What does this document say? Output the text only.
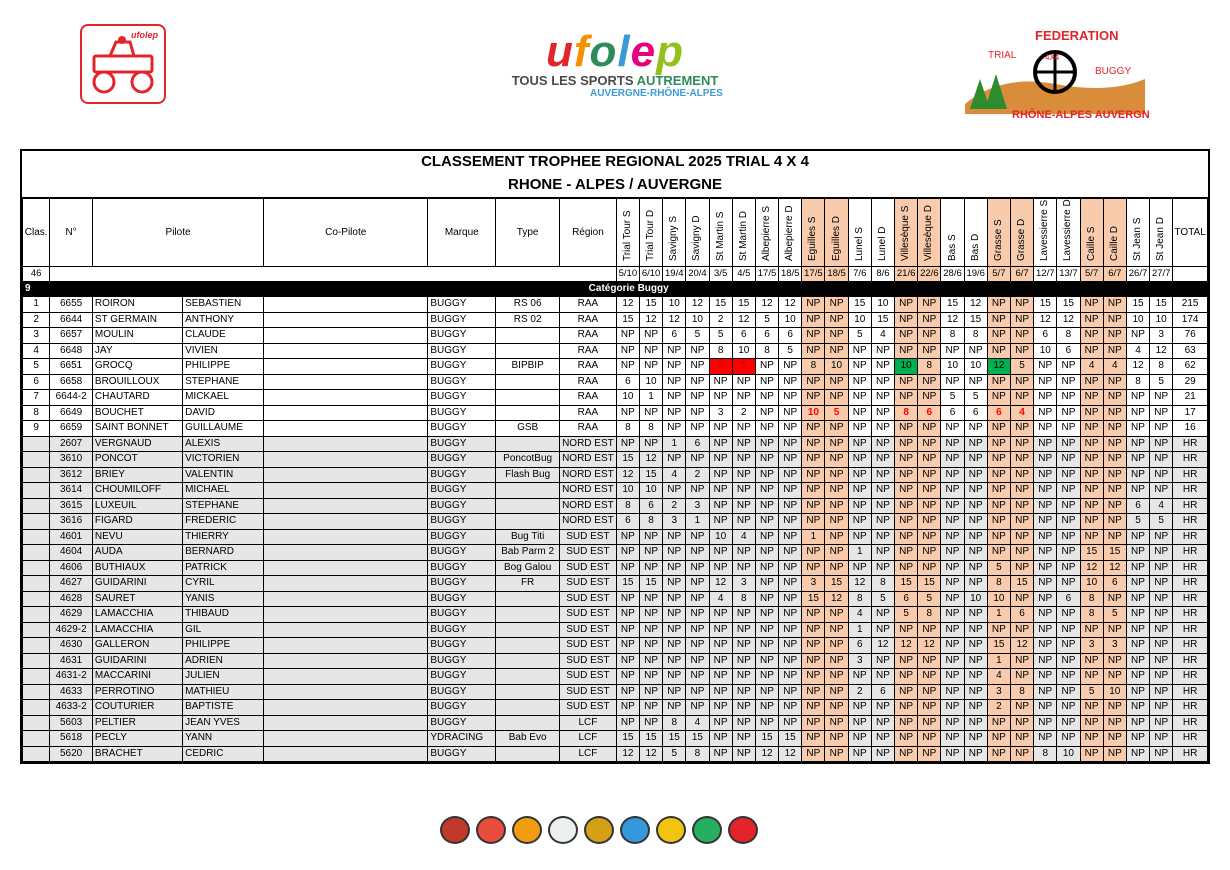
ufolep	ufolep
TOUS LES SPORTS AUTREMENT
AUVERGNE-RHÔNE-ALPES
FEDERATION
TRIAL	4X4
BUGGY
RHÔNE-ALPES AUVERGNE
CLASSEMENT TROPHEE REGIONAL 2025 TRIAL 4 X 4
RHONE - ALPES / AUVERGNE
Clas.	N°	Pilote		Co-Pilote	Marque	Type	Région	Trial Tour S	Trial Tour D	Savigny S	Savigny D	St Martin S	St Martin D	Albepierre S	Albepierre D	Eguilles S	Eguilles D	Lunel S	Lunel D	Villesèque S	Villesèque D	Bas S	Bas D	Grasse S	Grasse D	Lavessierre S	Lavessierre D	Caille S	Caille D	St Jean S	St Jean D	TOTAL
46								5/10	6/10	19/4	20/4	3/5	4/5	17/5	18/5	17/5	18/5	7/6	8/6	21/6	22/6	28/6	19/6	5/7	6/7	12/7	13/7	5/7	6/7	26/7	27/7	
9	Catégorie Buggy																															
1	6655	ROIRON	SEBASTIEN		BUGGY	RS 06	RAA	12	15	10	12	15	15	12	12	NP	NP	15	10	NP	NP	15	12	NP	NP	15	15	NP	NP	15	15	215
2	6644	ST GERMAIN	ANTHONY		BUGGY	RS 02	RAA	15	12	12	10	2	12	5	10	NP	NP	10	15	NP	NP	12	15	NP	NP	12	12	NP	NP	10	10	174
3	6657	MOULIN	CLAUDE		BUGGY		RAA	NP	NP	6	5	5	6	6	6	NP	NP	5	4	NP	NP	8	8	NP	NP	6	8	NP	NP	NP	3	76
4	6648	JAY	VIVIEN		BUGGY		RAA	NP	NP	NP	NP	8	10	8	5	NP	NP	NP	NP	NP	NP	NP	NP	NP	NP	10	6	NP	NP	4	12	63
5	6651	GROCQ	PHILIPPE		BUGGY	BIPBIP	RAA	NP	NP	NP	NP	6	5	NP	NP	8	10	NP	NP	10	8	10	10	12	5	NP	NP	4	4	12	8	62
6	6658	BROUILLOUX	STEPHANE		BUGGY		RAA	6	10	NP	NP	NP	NP	NP	NP	NP	NP	NP	NP	NP	NP	NP	NP	NP	NP	NP	NP	NP	NP	8	5	29
7	6644-2	CHAUTARD	MICKAEL		BUGGY		RAA	10	1	NP	NP	NP	NP	NP	NP	NP	NP	NP	NP	NP	NP	5	5	NP	NP	NP	NP	NP	NP	NP	NP	21
8	6649	BOUCHET	DAVID		BUGGY		RAA	NP	NP	NP	NP	3	2	NP	NP	10	5	NP	NP	8	6	6	6	6	4	NP	NP	NP	NP	NP	NP	17
9	6659	SAINT BONNET	GUILLAUME		BUGGY	GSB	RAA	8	8	NP	NP	NP	NP	NP	NP	NP	NP	NP	NP	NP	NP	NP	NP	NP	NP	NP	NP	NP	NP	NP	NP	16
	2607	VERGNAUD	ALEXIS		BUGGY		NORD EST	NP	NP	1	6	NP	NP	NP	NP	NP	NP	NP	NP	NP	NP	NP	NP	NP	NP	NP	NP	NP	NP	NP	NP	HR
	3610	PONCOT	VICTORIEN		BUGGY	PoncotBug	NORD EST	15	12	NP	NP	NP	NP	NP	NP	NP	NP	NP	NP	NP	NP	NP	NP	NP	NP	NP	NP	NP	NP	NP	NP	HR
	3612	BRIEY	VALENTIN		BUGGY	Flash Bug	NORD EST	12	15	4	2	NP	NP	NP	NP	NP	NP	NP	NP	NP	NP	NP	NP	NP	NP	NP	NP	NP	NP	NP	NP	HR
	3614	CHOUMILOFF	MICHAEL		BUGGY		NORD EST	10	10	NP	NP	NP	NP	NP	NP	NP	NP	NP	NP	NP	NP	NP	NP	NP	NP	NP	NP	NP	NP	NP	NP	HR
	3615	LUXEUIL	STEPHANE		BUGGY		NORD EST	8	6	2	3	NP	NP	NP	NP	NP	NP	NP	NP	NP	NP	NP	NP	NP	NP	NP	NP	NP	NP	6	4	HR
	3616	FIGARD	FREDERIC		BUGGY		NORD EST	6	8	3	1	NP	NP	NP	NP	NP	NP	NP	NP	NP	NP	NP	NP	NP	NP	NP	NP	NP	NP	5	5	HR
	4601	NEVU	THIERRY		BUGGY	Bug Titi	SUD EST	NP	NP	NP	NP	10	4	NP	NP	1	NP	NP	NP	NP	NP	NP	NP	NP	NP	NP	NP	NP	NP	NP	NP	HR
	4604	AUDA	BERNARD		BUGGY	Bab Parm 2	SUD EST	NP	NP	NP	NP	NP	NP	NP	NP	NP	NP	1	NP	NP	NP	NP	NP	NP	NP	NP	NP	15	15	NP	NP	HR
	4606	BUTHIAUX	PATRICK		BUGGY	Bog Galou	SUD EST	NP	NP	NP	NP	NP	NP	NP	NP	NP	NP	NP	NP	NP	NP	NP	NP	5	NP	NP	NP	12	12	NP	NP	HR
	4627	GUIDARINI	CYRIL		BUGGY	FR	SUD EST	15	15	NP	NP	12	3	NP	NP	3	15	12	8	15	15	NP	NP	8	15	NP	NP	10	6	NP	NP	HR
	4628	SAURET	YANIS		BUGGY		SUD EST	NP	NP	NP	NP	4	8	NP	NP	15	12	8	5	6	5	NP	10	10	NP	NP	6	8	NP	NP	NP	HR
	4629	LAMACCHIA	THIBAUD		BUGGY		SUD EST	NP	NP	NP	NP	NP	NP	NP	NP	NP	NP	4	NP	5	8	NP	NP	1	6	NP	NP	8	5	NP	NP	HR
	4629-2	LAMACCHIA	GIL		BUGGY		SUD EST	NP	NP	NP	NP	NP	NP	NP	NP	NP	NP	1	NP	NP	NP	NP	NP	NP	NP	NP	NP	NP	NP	NP	NP	HR
	4630	GALLERON	PHILIPPE		BUGGY		SUD EST	NP	NP	NP	NP	NP	NP	NP	NP	NP	NP	6	12	12	12	NP	NP	15	12	NP	NP	3	3	NP	NP	HR
	4631	GUIDARINI	ADRIEN		BUGGY		SUD EST	NP	NP	NP	NP	NP	NP	NP	NP	NP	NP	3	NP	NP	NP	NP	NP	1	NP	NP	NP	NP	NP	NP	NP	HR
	4631-2	MACCARINI	JULIEN		BUGGY		SUD EST	NP	NP	NP	NP	NP	NP	NP	NP	NP	NP	NP	NP	NP	NP	NP	NP	4	NP	NP	NP	NP	NP	NP	NP	HR
	4633	PERROTINO	MATHIEU		BUGGY		SUD EST	NP	NP	NP	NP	NP	NP	NP	NP	NP	NP	2	6	NP	NP	NP	NP	3	8	NP	NP	5	10	NP	NP	HR
	4633-2	COUTURIER	BAPTISTE		BUGGY		SUD EST	NP	NP	NP	NP	NP	NP	NP	NP	NP	NP	NP	NP	NP	NP	NP	NP	2	NP	NP	NP	NP	NP	NP	NP	HR
	5603	PELTIER	JEAN YVES		BUGGY		LCF	NP	NP	8	4	NP	NP	NP	NP	NP	NP	NP	NP	NP	NP	NP	NP	NP	NP	NP	NP	NP	NP	NP	NP	HR
	5618	PECLY	YANN		YDRACING	Bab Evo	LCF	15	15	15	15	NP	NP	15	15	NP	NP	NP	NP	NP	NP	NP	NP	NP	NP	NP	NP	NP	NP	NP	NP	HR
	5620	BRACHET	CEDRIC		BUGGY		LCF	12	12	5	8	NP	NP	12	12	NP	NP	NP	NP	NP	NP	NP	NP	NP	NP	8	10	NP	NP	NP	NP	HR
